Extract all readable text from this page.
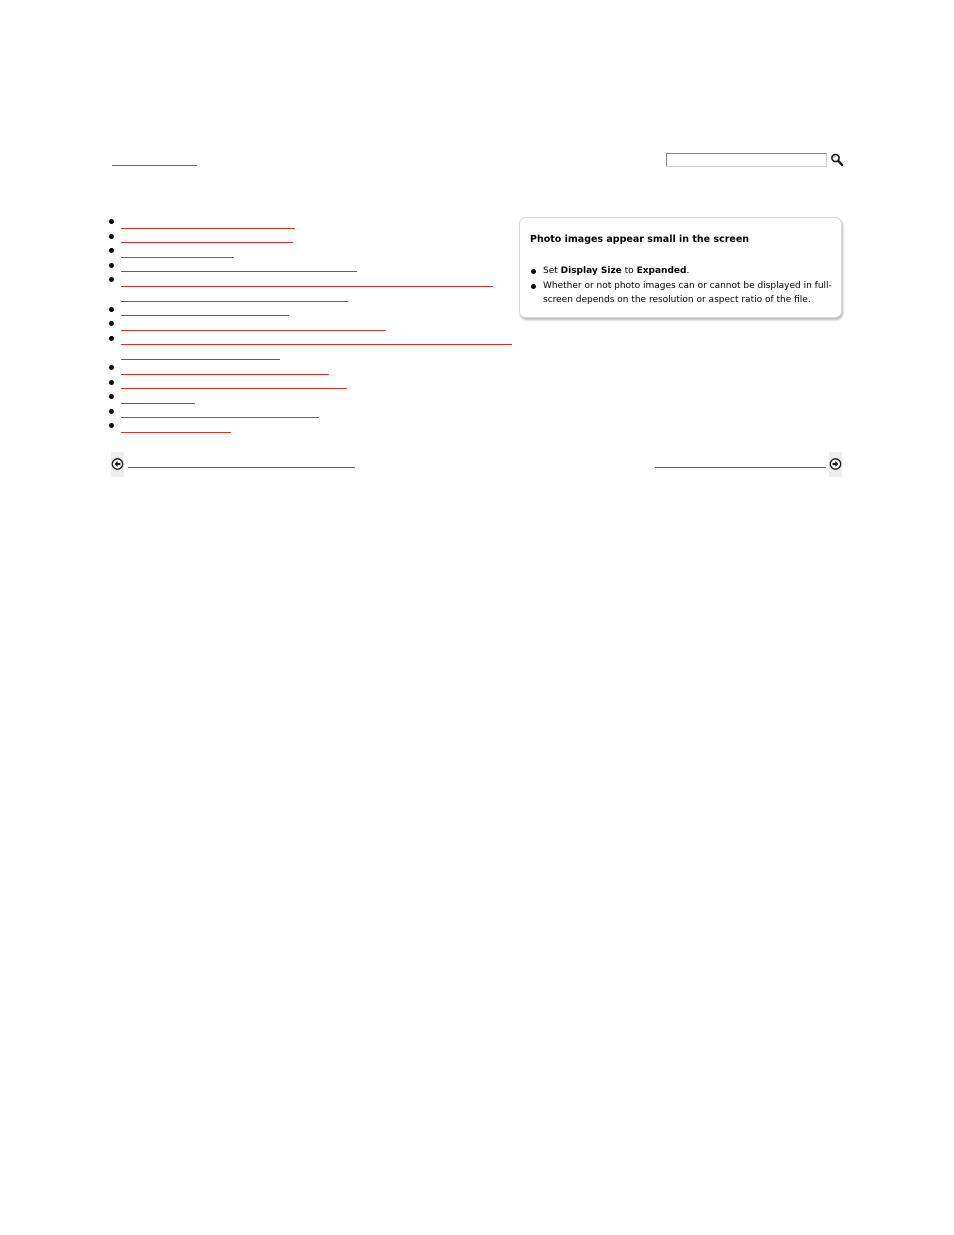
Photo images appear small in the screen
Set Display Size to Expanded.
Whether or not photo images can or cannot be displayed in full-screen depends on the resolution or aspect ratio of the file.
